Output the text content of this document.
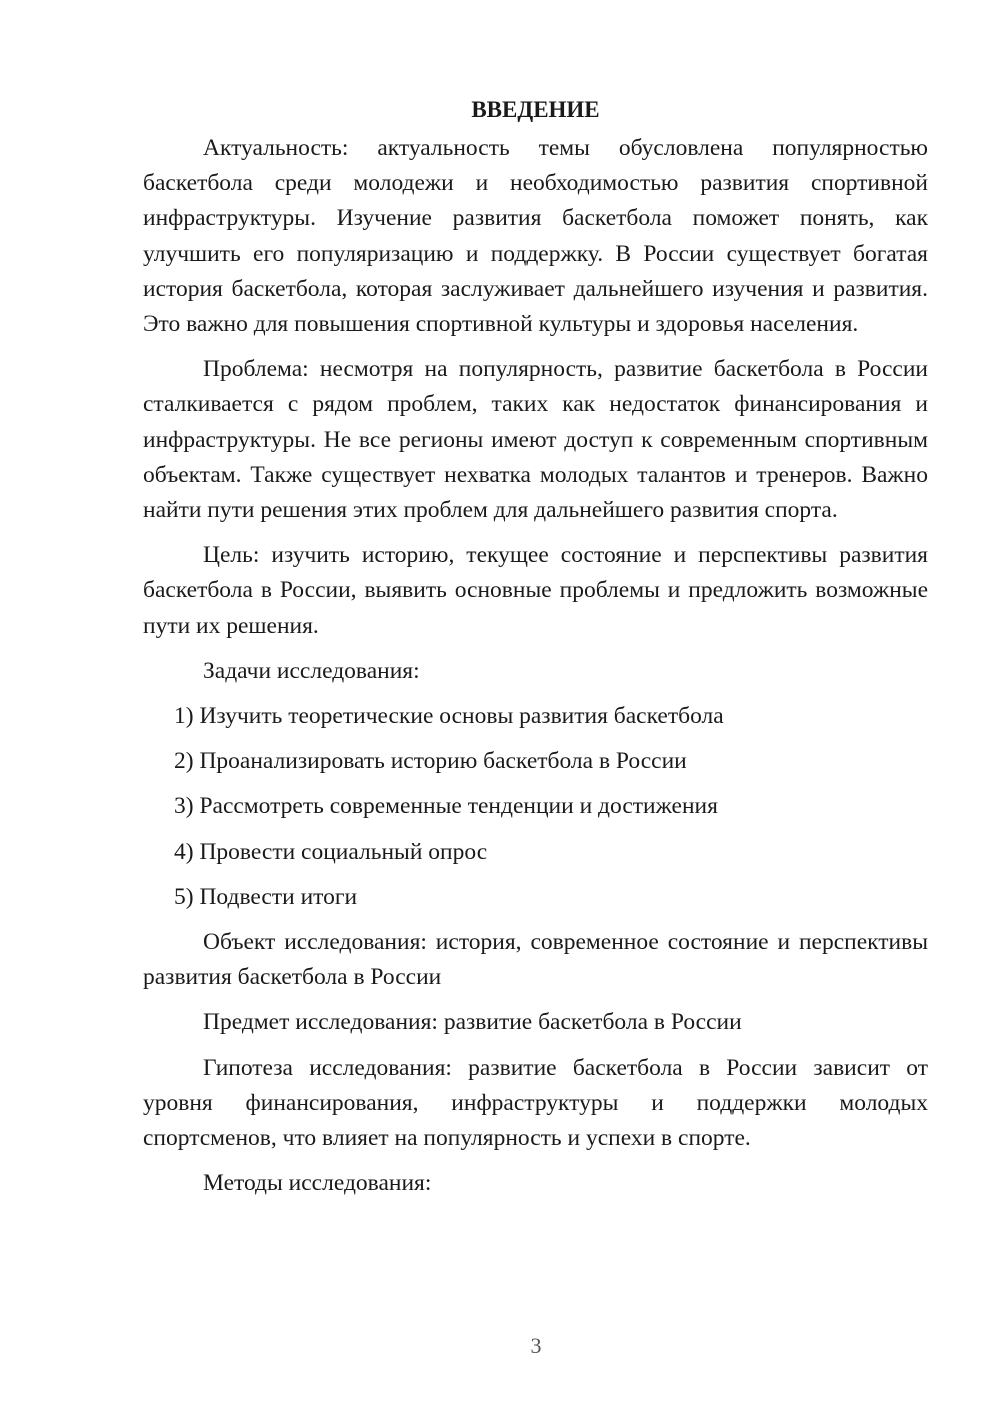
ВВЕДЕНИЕ

Актуальность: актуальность темы обусловлена популярностью баскетбола среди молодежи и необходимостью развития спортивной инфраструктуры. Изучение развития баскетбола поможет понять, как улучшить его популяризацию и поддержку. В России существует богатая история баскетбола, которая заслуживает дальнейшего изучения и развития. Это важно для повышения спортивной культуры и здоровья населения.

Проблема: несмотря на популярность, развитие баскетбола в России сталкивается с рядом проблем, таких как недостаток финансирования и инфраструктуры. Не все регионы имеют доступ к современным спортивным объектам. Также существует нехватка молодых талантов и тренеров. Важно найти пути решения этих проблем для дальнейшего развития спорта.

Цель: изучить историю, текущее состояние и перспективы развития баскетбола в России, выявить основные проблемы и предложить возможные пути их решения.

Задачи исследования:

1) Изучить теоретические основы развития баскетбола

2) Проанализировать историю баскетбола в России

3) Рассмотреть современные тенденции и достижения

4) Провести социальный опрос

5) Подвести итоги

Объект исследования: история, современное состояние и перспективы развития баскетбола в России

Предмет исследования: развитие баскетбола в России

Гипотеза исследования: развитие баскетбола в России зависит от уровня финансирования, инфраструктуры и поддержки молодых спортсменов, что влияет на популярность и успехи в спорте.

Методы исследования:

3
